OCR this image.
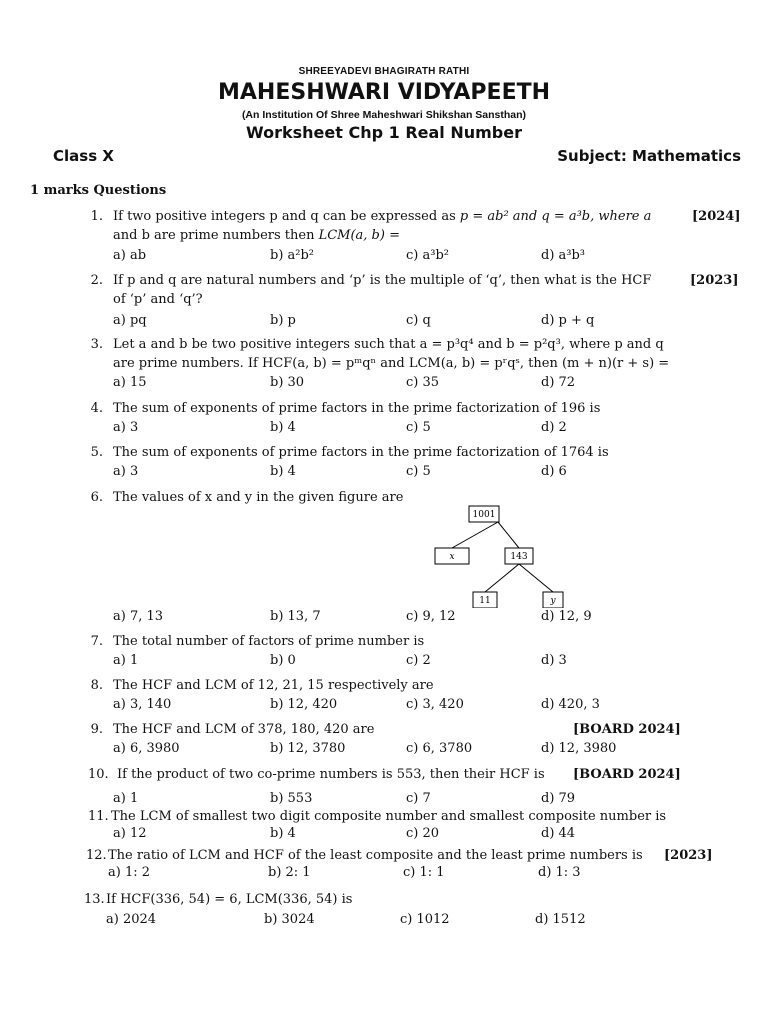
SHREEYADEVI BHAGIRATH RATHI
MAHESHWARI VIDYAPEETH
(An Institution Of Shree Maheshwari Shikshan Sansthan)
Worksheet Chp 1 Real Number
Class X	Subject: Mathematics
1 marks Questions
1. If two positive integers p and q can be expressed as p = ab² and q = a³b, where a	[2024]
and b are prime numbers then LCM(a, b) =
a) ab	b) a²b²	c) a³b²	d) a³b³
2. If p and q are natural numbers and ‘p’ is the multiple of ‘q’, then what is the HCF	[2023]
of ‘p’ and ‘q’?
a) pq	b) p	c) q	d) p + q
3. Let a and b be two positive integers such that a = p³q⁴ and b = p²q³, where p and q
are prime numbers. If HCF(a, b) = pᵐqⁿ and LCM(a, b) = pʳqˢ, then (m + n)(r + s) =
a) 15	b) 30	c) 35	d) 72
4. The sum of exponents of prime factors in the prime factorization of 196 is
a) 3	b) 4	c) 5	d) 2
5. The sum of exponents of prime factors in the prime factorization of 1764 is
a) 3	b) 4	c) 5	d) 6
6. The values of x and y in the given figure are
1001
x	143
11	y
a) 7, 13	b) 13, 7	c) 9, 12	d) 12, 9
7. The total number of factors of prime number is
a) 1	b) 0	c) 2	d) 3
8. The HCF and LCM of 12, 21, 15 respectively are
a) 3, 140	b) 12, 420	c) 3, 420	d) 420, 3
9. The HCF and LCM of 378, 180, 420 are	[BOARD 2024]
a) 6, 3980	b) 12, 3780	c) 6, 3780	d) 12, 3980
10. If the product of two co-prime numbers is 553, then their HCF is [BOARD 2024]
a) 1	b) 553	c) 7	d) 79
11. The LCM of smallest two digit composite number and smallest composite number is
a) 12	b) 4	c) 20	d) 44
12. The ratio of LCM and HCF of the least composite and the least prime numbers is [2023]
a) 1: 2	b) 2: 1	c) 1: 1	d) 1: 3
13. If HCF(336, 54) = 6, LCM(336, 54) is
a) 2024	b) 3024	c) 1012	d) 1512
